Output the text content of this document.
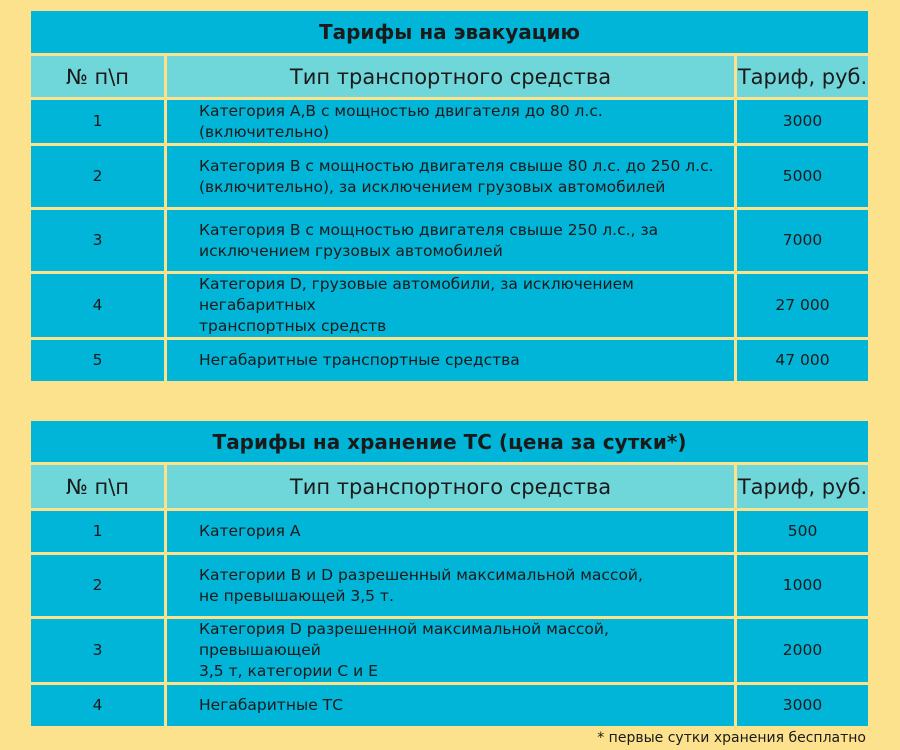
Тарифы на эвакуацию		
№ п\п	Тип транспортного средства	Тариф, руб.
1	Категория А,В с мощностью двигателя до 80 л.с. (включительно)	3000
2	Категория В с мощностью двигателя свыше 80 л.с. до 250 л.с.
(включительно), за исключением грузовых автомобилей	5000
3	Категория В с мощностью двигателя свыше 250 л.с., за
исключением грузовых автомобилей	7000
4	Категория D, грузовые автомобили, за исключением негабаритных
транспортных средств	27 000
5	Негабаритные транспортные средства	47 000
Тарифы на хранение ТС (цена за сутки*)		
№ п\п	Тип транспортного средства	Тариф, руб.
1	Категория А	500
2	Категории В и D разрешенный максимальной массой,
не превышающей 3,5 т.	1000
3	Категория D разрешенной максимальной массой, превышающей
3,5 т, категории С и Е	2000
4	Негабаритные ТС	3000
* первые сутки хранения бесплатно
